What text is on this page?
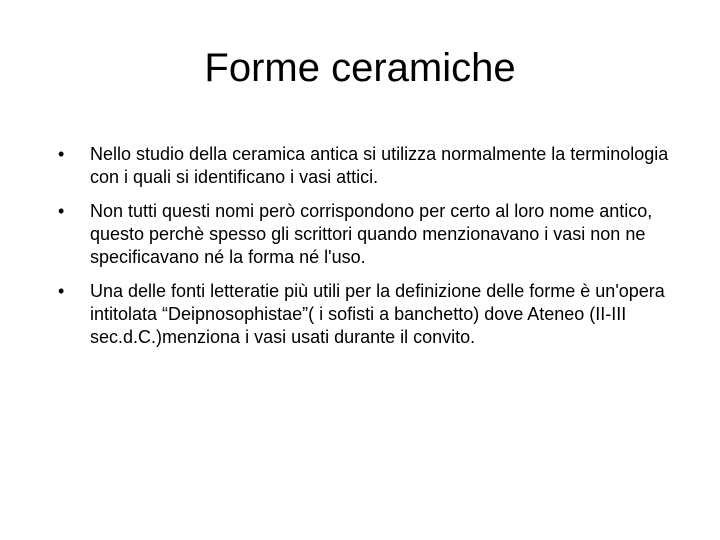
Forme ceramiche
•	Nello studio della ceramica antica si utilizza normalmente la terminologia con i quali si identificano i vasi attici.
•	Non tutti questi nomi però corrispondono per certo al loro nome antico, questo perchè spesso gli scrittori quando menzionavano i vasi non ne specificavano né la forma né l'uso.
•	Una delle fonti letteratie più utili per la definizione delle forme è un'opera intitolata “Deipnosophistae”( i sofisti a banchetto) dove Ateneo (II-III sec.d.C.)menziona i vasi usati durante il convito.
